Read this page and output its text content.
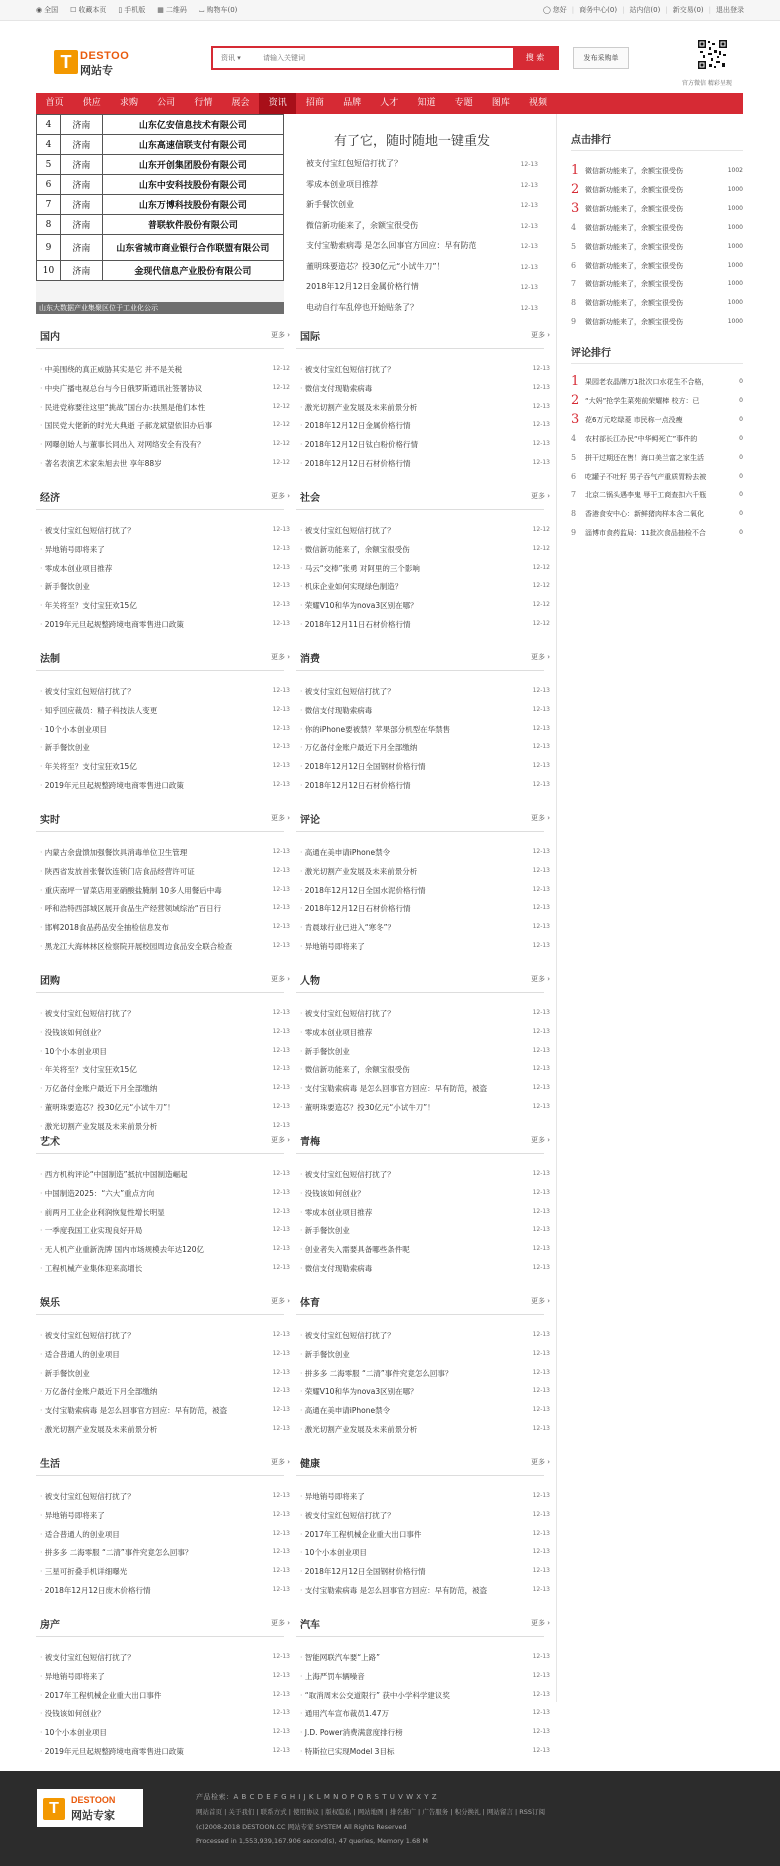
◉ 全国 ☐ 收藏本页 ▯ 手机版 ▦ 二维码 ⌴ 购物车(0)	◯ 您好 | 商务中心(0) | 站内信(0) | 新交易(0) | 退出登录
T DESTOO
网站专
资讯 ▾
请输入关键词	搜 索	发布采购单
官方微信 精彩呈现
首页	供应	求购	公司	行情	展会	资讯	招商	品牌	人才	知道	专题	图库	视频
4	济南	山东亿安信息技术有限公司
4	济南	山东高速信联支付有限公司
5	济南	山东开创集团股份有限公司
6	济南	山东中安科技股份有限公司
7	济南	山东万博科技股份有限公司
8	济南	普联软件股份有限公司
9	济南	山东省城市商业银行合作联盟有限公司
10	济南	金现代信息产业股份有限公司
山东大数据产业集聚区位于工业化公示
有了它，随时随地一键重发
被支付宝红包短信打扰了？	12-13
零成本创业项目推荐	12-13
新手餐饮创业	12-13
微信新功能来了，余额宝很受伤	12-13
支付宝勒索病毒 是怎么回事官方回应：早有防范	12-13
董明珠要造芯？投30亿元“小试牛刀”！	12-13
2018年12月12日金属价格行情	12-13
电动自行车乱停也开始贴条了？	12-13
国内	更多 ›
· 中美围绕的真正威胁其实是它 并不是关税	12-12
· 中央广播电视总台与今日俄罗斯通讯社签署协议	12-12
· 民进党称要往这里“挑战”国台办:扶黑是他们本性	12-12
· 国民党大佬新的时光大典逝 子郝龙斌望依旧办后事	12-12
· 网曝创始人与董事长同出入 对网络安全有没有？	12-12
· 著名表演艺术家朱旭去世 享年88岁	12-12
国际	更多 ›
· 被支付宝红包短信打扰了？	12-13
· 微信支付现勒索病毒	12-13
· 激光切割产业发展及未来前景分析	12-13
· 2018年12月12日金属价格行情	12-13
· 2018年12月12日钛白粉价格行情	12-13
· 2018年12月12日石材价格行情	12-13
经济	更多 ›
· 被支付宝红包短信打扰了？	12-13
· 异地销号即将来了	12-13
· 零成本创业项目推荐	12-13
· 新手餐饮创业	12-13
· 年关将至？支付宝狂欢15亿	12-13
· 2019年元旦起规整跨境电商零售进口政策	12-13
社会	更多 ›
· 被支付宝红包短信打扰了？	12-12
· 微信新功能来了，余额宝很受伤	12-12
· 马云“交棒”张勇 对阿里的三个影响	12-12
· 机床企业如何实现绿色制造？	12-12
· 荣耀V10和华为nova3区别在哪？	12-12
· 2018年12月11日石材价格行情	12-12
法制	更多 ›
· 被支付宝红包短信打扰了？	12-13
· 知乎回应裁员：精子科技法人变更	12-13
· 10个小本创业项目	12-13
· 新手餐饮创业	12-13
· 年关将至？支付宝狂欢15亿	12-13
· 2019年元旦起规整跨境电商零售进口政策	12-13
消费	更多 ›
· 被支付宝红包短信打扰了？	12-13
· 微信支付现勒索病毒	12-13
· 你的iPhone要被禁？苹果部分机型在华禁售	12-13
· 万亿备付金账户最近下月全部缴纳	12-13
· 2018年12月12日全国钢材价格行情	12-13
· 2018年12月12日石材价格行情	12-13
实时	更多 ›
· 内蒙古余盘馈加强餐饮具消毒单位卫生管理	12-13
· 陕西省发放首张餐饮连锁门店食品经营许可证	12-13
· 重庆南坪一冒菜店用亚硝酸盐腌制 10多人用餐后中毒	12-13
· 呼和浩特西部城区展开食品生产经营领域综治“百日行	12-13
· 邯郸2018食品药品安全抽检信息发布	12-13
· 黑龙江大海林林区检察院开展校园周边食品安全联合检查	12-13
评论	更多 ›
· 高通在美申请iPhone禁令	12-13
· 激光切割产业发展及未来前景分析	12-13
· 2018年12月12日全国水泥价格行情	12-13
· 2018年12月12日石材价格行情	12-13
· 肯晨球行业已进入“寒冬”？	12-13
· 异地销号即将来了	12-13
团购	更多 ›
· 被支付宝红包短信打扰了？	12-13
· 没钱该如何创业？	12-13
· 10个小本创业项目	12-13
· 年关将至？支付宝狂欢15亿	12-13
· 万亿备付金账户最近下月全部缴纳	12-13
· 董明珠要造芯？投30亿元“小试牛刀”！	12-13
· 激光切割产业发展及未来前景分析	12-13
人物	更多 ›
· 被支付宝红包短信打扰了？	12-13
· 零成本创业项目推荐	12-13
· 新手餐饮创业	12-13
· 微信新功能来了，余额宝很受伤	12-13
· 支付宝勒索病毒 是怎么回事官方回应：早有防范，被盗	12-13
· 董明珠要造芯？投30亿元“小试牛刀”！	12-13
艺术	更多 ›
· 西方机构评论“中国制造”抵抗中国制造崛起	12-13
· 中国制造2025：“六大”重点方向	12-13
· 前两月工业企业利润恢复性增长明显	12-13
· 一季度我国工业实现良好开局	12-13
· 无人机产业重新洗牌 国内市场规模去年达120亿	12-13
· 工程机械产业集体迎来高增长	12-13
青梅	更多 ›
· 被支付宝红包短信打扰了？	12-13
· 没钱该如何创业？	12-13
· 零成本创业项目推荐	12-13
· 新手餐饮创业	12-13
· 创业者失入需要具备哪些条件呢	12-13
· 微信支付现勒索病毒	12-13
娱乐	更多 ›
· 被支付宝红包短信打扰了？	12-13
· 适合普通人的创业项目	12-13
· 新手餐饮创业	12-13
· 万亿备付金账户最近下月全部缴纳	12-13
· 支付宝勒索病毒 是怎么回事官方回应：早有防范，被盗	12-13
· 激光切割产业发展及未来前景分析	12-13
体育	更多 ›
· 被支付宝红包短信打扰了？	12-13
· 新手餐饮创业	12-13
· 拼多多 二海零服 “二清”事件究竟怎么回事？	12-13
· 荣耀V10和华为nova3区别在哪？	12-13
· 高通在美申请iPhone禁令	12-13
· 激光切割产业发展及未来前景分析	12-13
生活	更多 ›
· 被支付宝红包短信打扰了？	12-13
· 异地销号即将来了	12-13
· 适合普通人的创业项目	12-13
· 拼多多 二海零服 “二清”事件究竟怎么回事？	12-13
· 三星可折叠手机详细曝光	12-13
· 2018年12月12日废木价格行情	12-13
健康	更多 ›
· 异地销号即将来了	12-13
· 被支付宝红包短信打扰了？	12-13
· 2017年工程机械企业重大出口事件	12-13
· 10个小本创业项目	12-13
· 2018年12月12日全国钢材价格行情	12-13
· 支付宝勒索病毒 是怎么回事官方回应：早有防范，被盗	12-13
房产	更多 ›
· 被支付宝红包短信打扰了？	12-13
· 异地销号即将来了	12-13
· 2017年工程机械企业重大出口事件	12-13
· 没钱该如何创业？	12-13
· 10个小本创业项目	12-13
· 2019年元旦起规整跨境电商零售进口政策	12-13
汽车	更多 ›
· 智能网联汽车要“上路”	12-13
· 上海严罚车辆噪音	12-13
· “取消周末公交道限行” 获中小学科学建议奖	12-13
· 通用汽车宣布裁员1.47万	12-13
· J.D. Power消费满意度排行榜	12-13
· 特斯拉已实现Model 3目标	12-13
点击排行
1 微信新功能来了，余额宝很受伤	1002
2 微信新功能来了，余额宝很受伤	1000
3 微信新功能来了，余额宝很受伤	1000
4	微信新功能来了，余额宝很受伤	1000
5	微信新功能来了，余额宝很受伤	1000
6	微信新功能来了，余额宝很受伤	1000
7	微信新功能来了，余额宝很受伤	1000
8	微信新功能来了，余额宝很受伤	1000
9	微信新功能来了，余额宝很受伤	1000
评论排行
1 果园老农晶牌万1批次口水花生不合格，	0
2 “大妈”抢学生菜苑前荣耀棒 校方：已	0
3 花6万元吃绿菱 市民称一点没瘦	0
4	农村部长江办民“中华鲟死亡”事件的	0
5	拼干过期还在售！海口美兰富之家生活	0
6	吃罐子不吐籽 男子吞气产重质胃粉去被	0
7	北京二锅头遇李鬼 辱干工商查扣六千瓶	0
8	香港食安中心：新鲜猪肉样本含二氧化	0
9	淄博市食药监局：11批次食品抽检不合	0
T	DESTOON
网站专家
产品检索：A B C D E F G H I J K L M N O P Q R S T U V W X Y Z
网站首页 | 关于我们 | 联系方式 | 使用协议 | 版权隐私 | 网站地图 | 排名推广 | 广告服务 | 积分换礼 | 网站留言 | RSS订阅
(c)2008-2018 DESTOON.CC 网站专家 SYSTEM All Rights Reserved
Processed in 1,553,939,167.906 second(s), 47 queries, Memory 1.68 M
